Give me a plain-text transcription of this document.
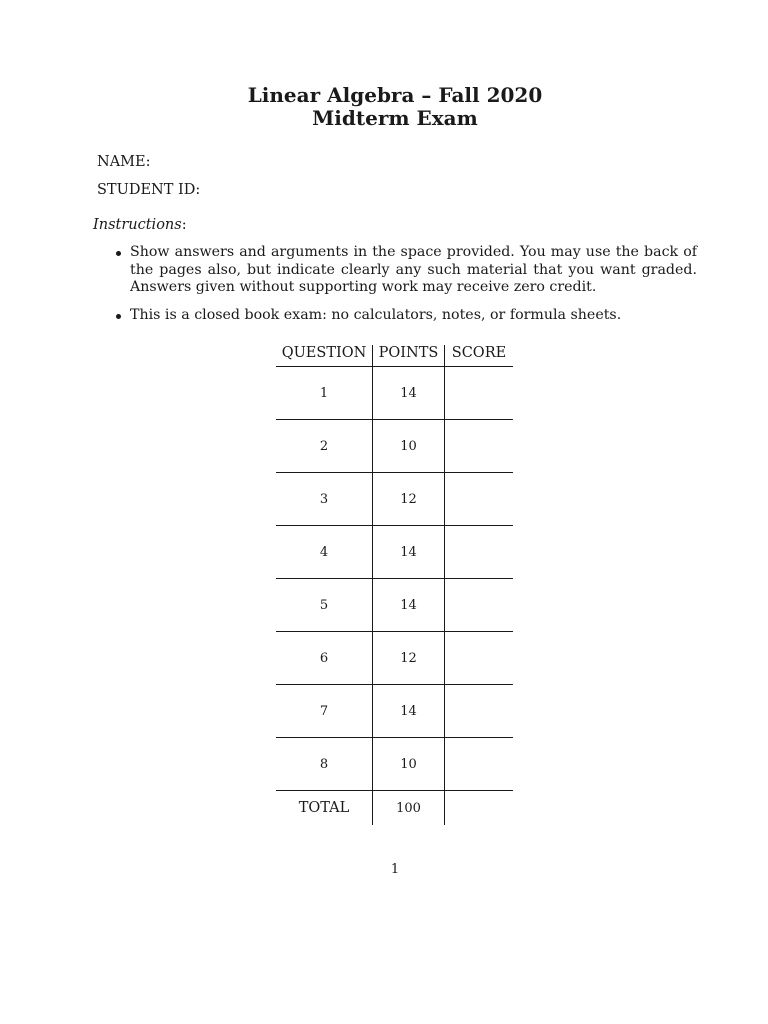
Linear Algebra – Fall 2020
Midterm Exam
NAME:
STUDENT ID:
Instructions:
Show answers and arguments in the space provided. You may use the back of the pages also, but indicate clearly any such material that you want graded. Answers given without supporting work may receive zero credit.
This is a closed book exam: no calculators, notes, or formula sheets.
QUESTION	POINTS	SCORE
1	14	
2	10	
3	12	
4	14	
5	14	
6	12	
7	14	
8	10	
TOTAL	100	
1
